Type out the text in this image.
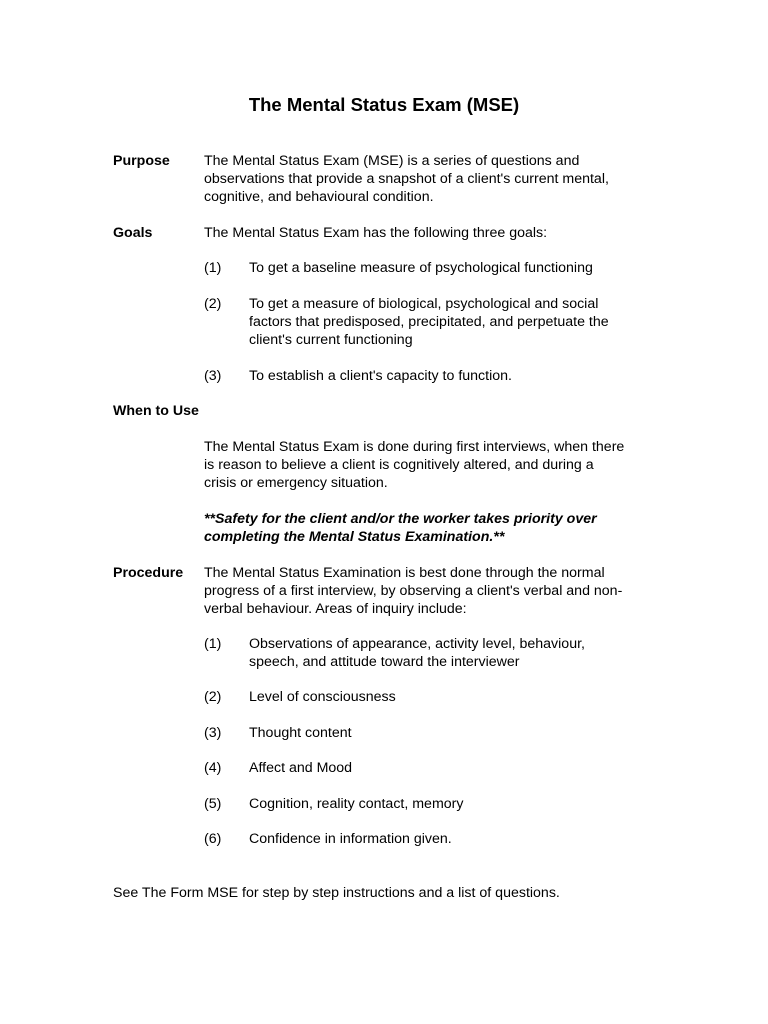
The Mental Status Exam (MSE)
Purpose The Mental Status Exam (MSE) is a series of questions and
observations that provide a snapshot of a client's current mental,
cognitive, and behavioural condition.
Goals	The Mental Status Exam has the following three goals:
(1) To get a baseline measure of psychological functioning
(2) To get a measure of biological, psychological and social
factors that predisposed, precipitated, and perpetuate the
client's current functioning
(3) To establish a client's capacity to function.
When to Use
The Mental Status Exam is done during first interviews, when there
is reason to believe a client is cognitively altered, and during a
crisis or emergency situation.
**Safety for the client and/or the worker takes priority over
completing the Mental Status Examination.**
Procedure The Mental Status Examination is best done through the normal
progress of a first interview, by observing a client's verbal and non-
verbal behaviour. Areas of inquiry include:
(1) Observations of appearance, activity level, behaviour,
speech, and attitude toward the interviewer
(2) Level of consciousness
(3) Thought content
(4) Affect and Mood
(5) Cognition, reality contact, memory
(6) Confidence in information given.
See The Form MSE for step by step instructions and a list of questions.
